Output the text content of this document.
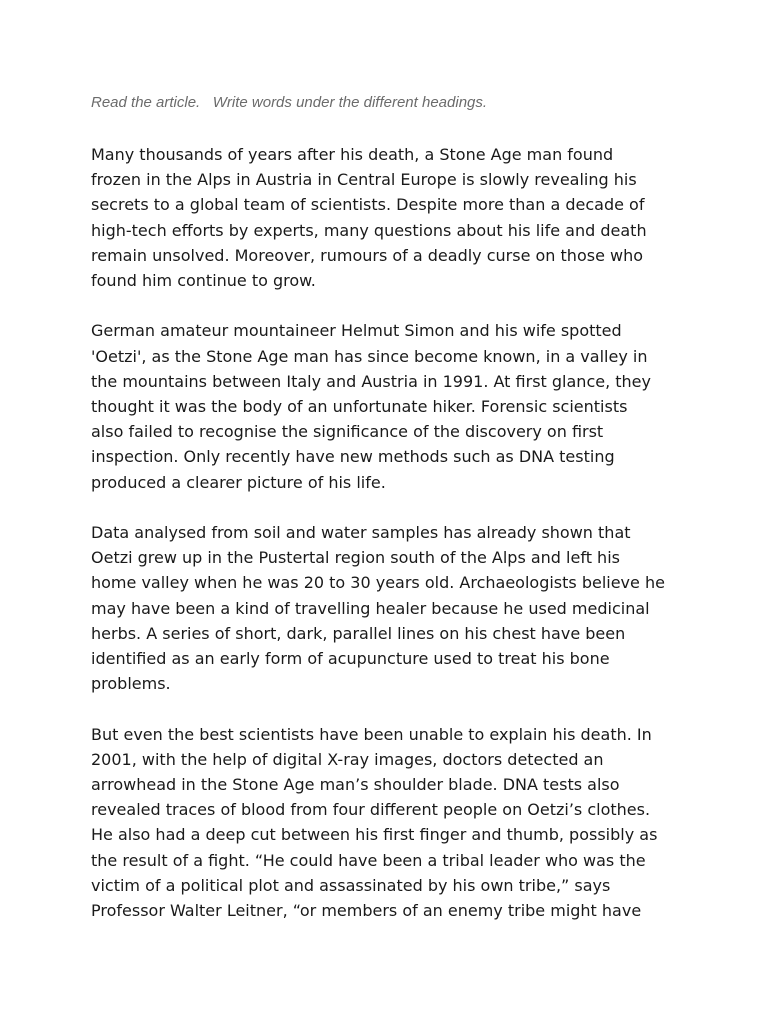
Read the article.   Write words under the different headings.

Many thousands of years after his death, a Stone Age man found
frozen in the Alps in Austria in Central Europe is slowly revealing his
secrets to a global team of scientists. Despite more than a decade of
high-tech efforts by experts, many questions about his life and death
remain unsolved. Moreover, rumours of a deadly curse on those who
found him continue to grow.

German amateur mountaineer Helmut Simon and his wife spotted
'Oetzi', as the Stone Age man has since become known, in a valley in
the mountains between Italy and Austria in 1991. At first glance, they
thought it was the body of an unfortunate hiker. Forensic scientists
also failed to recognise the significance of the discovery on first
inspection. Only recently have new methods such as DNA testing
produced a clearer picture of his life.

Data analysed from soil and water samples has already shown that
Oetzi grew up in the Pustertal region south of the Alps and left his
home valley when he was 20 to 30 years old. Archaeologists believe he
may have been a kind of travelling healer because he used medicinal
herbs. A series of short, dark, parallel lines on his chest have been
identified as an early form of acupuncture used to treat his bone
problems.

But even the best scientists have been unable to explain his death. In
2001, with the help of digital X-ray images, doctors detected an
arrowhead in the Stone Age man’s shoulder blade. DNA tests also
revealed traces of blood from four different people on Oetzi’s clothes.
He also had a deep cut between his first finger and thumb, possibly as
the result of a fight. “He could have been a tribal leader who was the
victim of a political plot and assassinated by his own tribe,” says
Professor Walter Leitner, “or members of an enemy tribe might have
